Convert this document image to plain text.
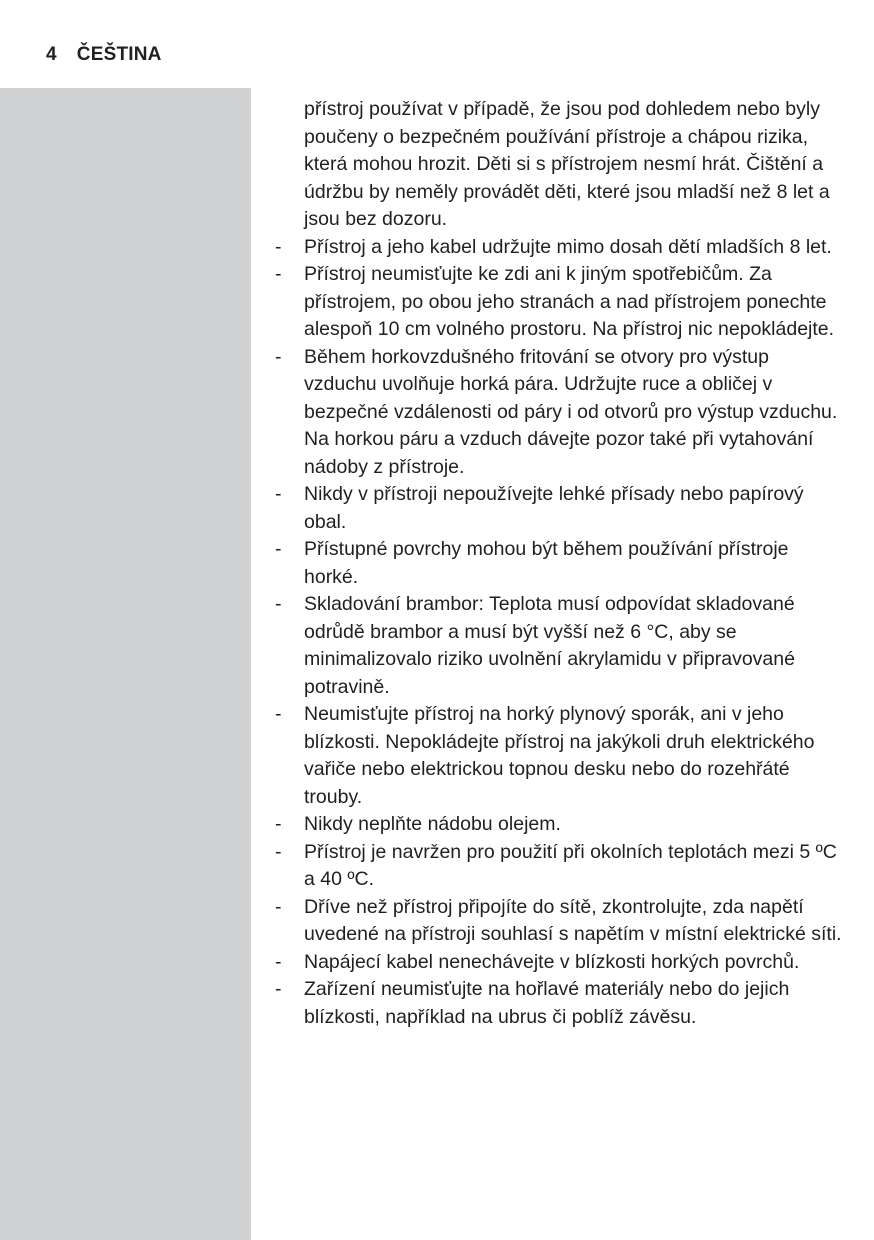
4 ČEŠTINA
přístroj používat v případě, že jsou pod dohledem nebo byly poučeny o bezpečném používání přístroje a chápou rizika, která mohou hrozit. Děti si s přístrojem nesmí hrát. Čištění a údržbu by neměly provádět děti, které jsou mladší než 8 let a jsou bez dozoru.
-	Přístroj a jeho kabel udržujte mimo dosah dětí mladších 8 let.
-	Přístroj neumisťujte ke zdi ani k jiným spotřebičům. Za přístrojem, po obou jeho stranách a nad přístrojem ponechte alespoň 10 cm volného prostoru. Na přístroj nic nepokládejte.
-	Během horkovzdušného fritování se otvory pro výstup vzduchu uvolňuje horká pára. Udržujte ruce a obličej v bezpečné vzdálenosti od páry i od otvorů pro výstup vzduchu. Na horkou páru a vzduch dávejte pozor také při vytahování nádoby z přístroje.
-	Nikdy v přístroji nepoužívejte lehké přísady nebo papírový obal.
-	Přístupné povrchy mohou být během používání přístroje horké.
-	Skladování brambor: Teplota musí odpovídat skladované odrůdě brambor a musí být vyšší než 6 °C, aby se minimalizovalo riziko uvolnění akrylamidu v připravované potravině.
-	Neumisťujte přístroj na horký plynový sporák, ani v jeho blízkosti. Nepokládejte přístroj na jakýkoli druh elektrického vařiče nebo elektrickou topnou desku nebo do rozehřáté trouby.
-	Nikdy neplňte nádobu olejem.
-	Přístroj je navržen pro použití při okolních teplotách mezi 5 ºC a 40 ºC.
-	Dříve než přístroj připojíte do sítě, zkontrolujte, zda napětí uvedené na přístroji souhlasí s napětím v místní elektrické síti.
-	Napájecí kabel nenechávejte v blízkosti horkých povrchů.
-	Zařízení neumisťujte na hořlavé materiály nebo do jejich blízkosti, například na ubrus či poblíž závěsu.
